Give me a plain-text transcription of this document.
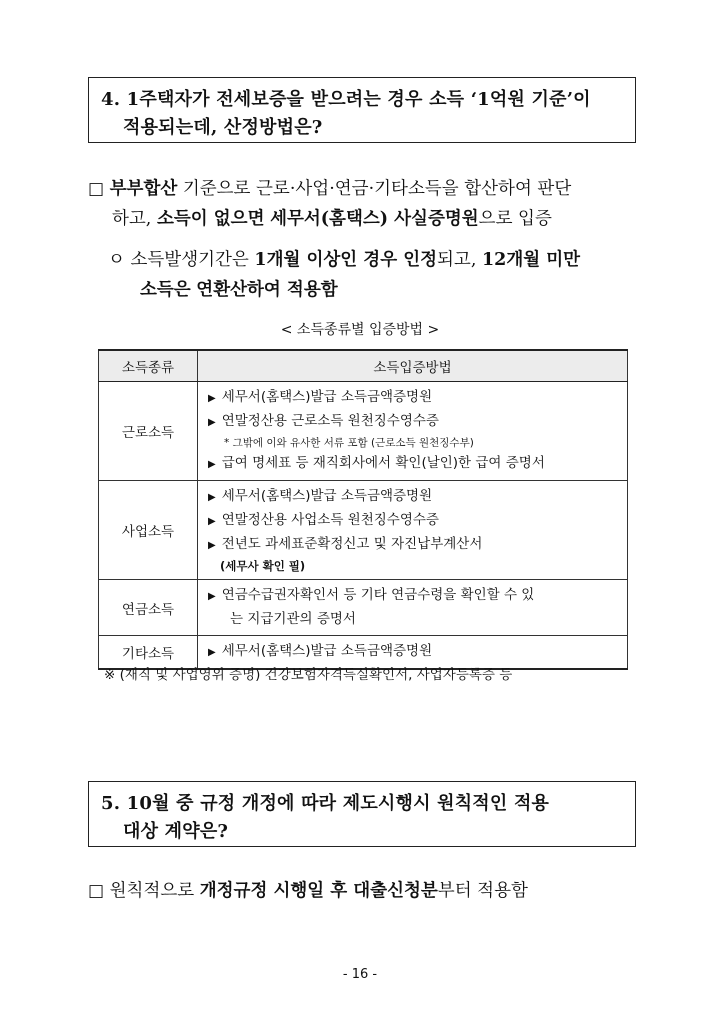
4. 1주택자가 전세보증을 받으려는 경우 소득 ‘1억원 기준’이
적용되는데, 산정방법은?
□ 부부합산 기준으로 근로·사업·연금·기타소득을 합산하여 판단
하고, 소득이 없으면 세무서(홈택스) 사실증명원으로 입증
ㅇ 소득발생기간은 1개월 이상인 경우 인정되고, 12개월 미만
소득은 연환산하여 적용함
< 소득종류별 입증방법 >
소득종류	소득입증방법
근로소득	▶ 세무서(홈택스)발급 소득금액증명원
▶ 연말정산용 근로소득 원천징수영수증
* 그밖에 이와 유사한 서류 포함 (근로소득 원천징수부)
▶ 급여 명세표 등 재직회사에서 확인(날인)한 급여 증명서

사업소득	▶ 세무서(홈택스)발급 소득금액증명원
▶ 연말정산용 사업소득 원천징수영수증
▶ 전년도 과세표준확정신고 및 자진납부계산서
(세무사 확인 필)

연금소득	▶ 연금수급권자확인서 등 기타 연금수령을 확인할 수 있
는 지급기관의 증명서

기타소득	▶ 세무서(홈택스)발급 소득금액증명원
※ (재직 및 사업영위 증명) 건강보험자격득실확인서, 사업자등록증 등
5. 10월 중 규정 개정에 따라 제도시행시 원칙적인 적용
대상 계약은?
□ 원칙적으로 개정규정 시행일 후 대출신청분부터 적용함
- 16 -
